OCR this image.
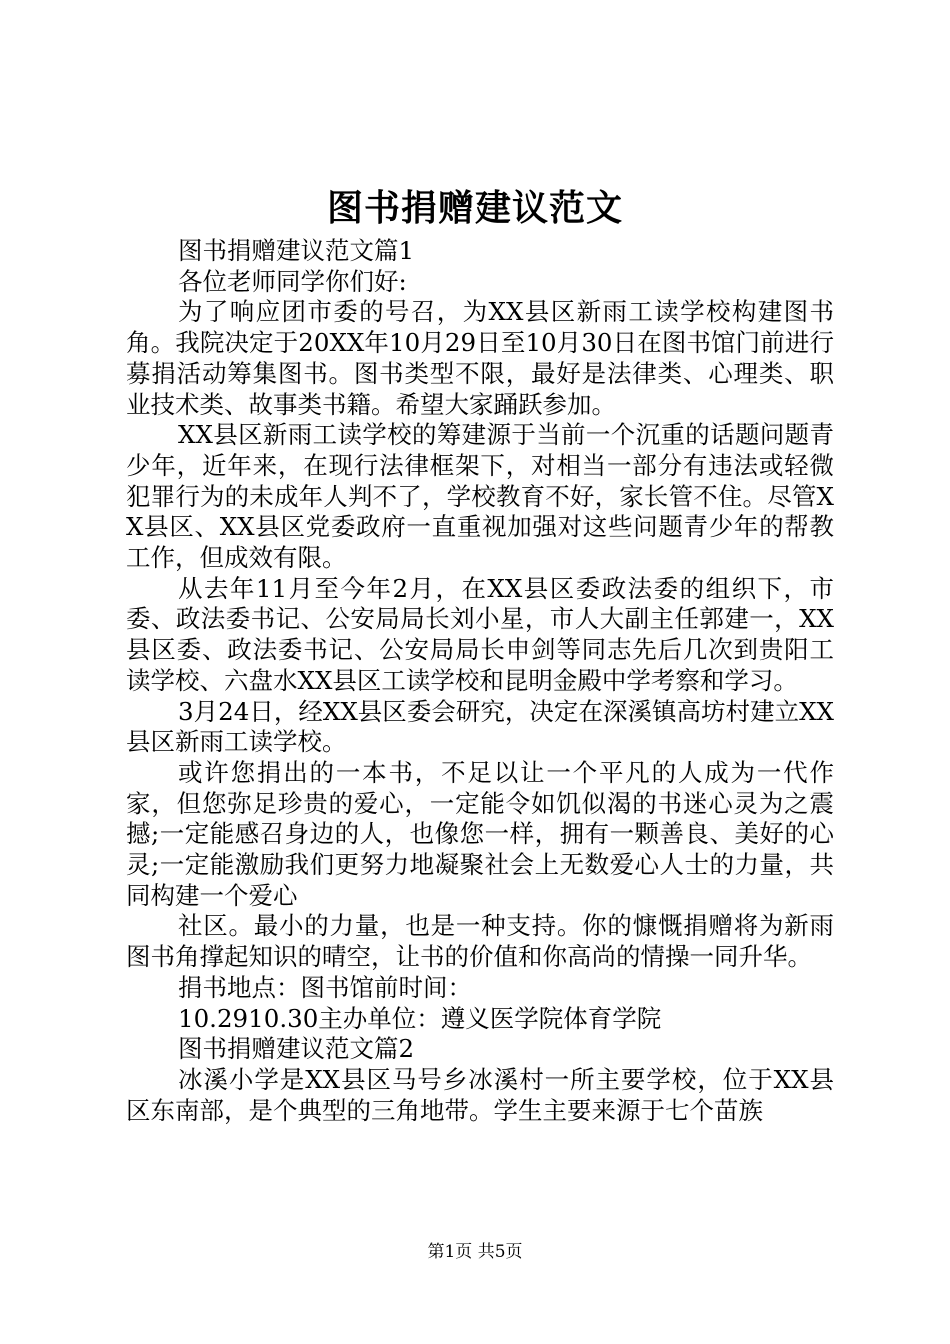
图书捐赠建议范文

图书捐赠建议范文篇1

各位老师同学你们好:

为了响应团市委的号召，为XX县区新雨工读学校构建图书角。我院决定于20XX年10月29日至10月30日在图书馆门前进行募捐活动筹集图书。图书类型不限，最好是法律类、心理类、职业技术类、故事类书籍。希望大家踊跃参加。

XX县区新雨工读学校的筹建源于当前一个沉重的话题问题青少年，近年来，在现行法律框架下，对相当一部分有违法或轻微犯罪行为的未成年人判不了，学校教育不好，家长管不住。尽管XX县区、XX县区党委政府一直重视加强对这些问题青少年的帮教工作，但成效有限。

从去年11月至今年2月，在XX县区委政法委的组织下，市委、政法委书记、公安局局长刘小星，市人大副主任郭建一，XX县区委、政法委书记、公安局局长申剑等同志先后几次到贵阳工读学校、六盘水XX县区工读学校和昆明金殿中学考察和学习。

3月24日，经XX县区委会研究，决定在深溪镇高坊村建立XX县区新雨工读学校。

或许您捐出的一本书，不足以让一个平凡的人成为一代作家，但您弥足珍贵的爱心，一定能令如饥似渴的书迷心灵为之震撼;一定能感召身边的人，也像您一样，拥有一颗善良、美好的心灵;一定能激励我们更努力地凝聚社会上无数爱心人士的力量，共同构建一个爱心

社区。最小的力量，也是一种支持。你的慷慨捐赠将为新雨图书角撑起知识的晴空，让书的价值和你高尚的情操一同升华。

捐书地点：图书馆前时间：

10.2910.30主办单位：遵义医学院体育学院

图书捐赠建议范文篇2

冰溪小学是XX县区马号乡冰溪村一所主要学校，位于XX县区东南部，是个典型的三角地带。学生主要来源于七个苗族

第1页 共5页
